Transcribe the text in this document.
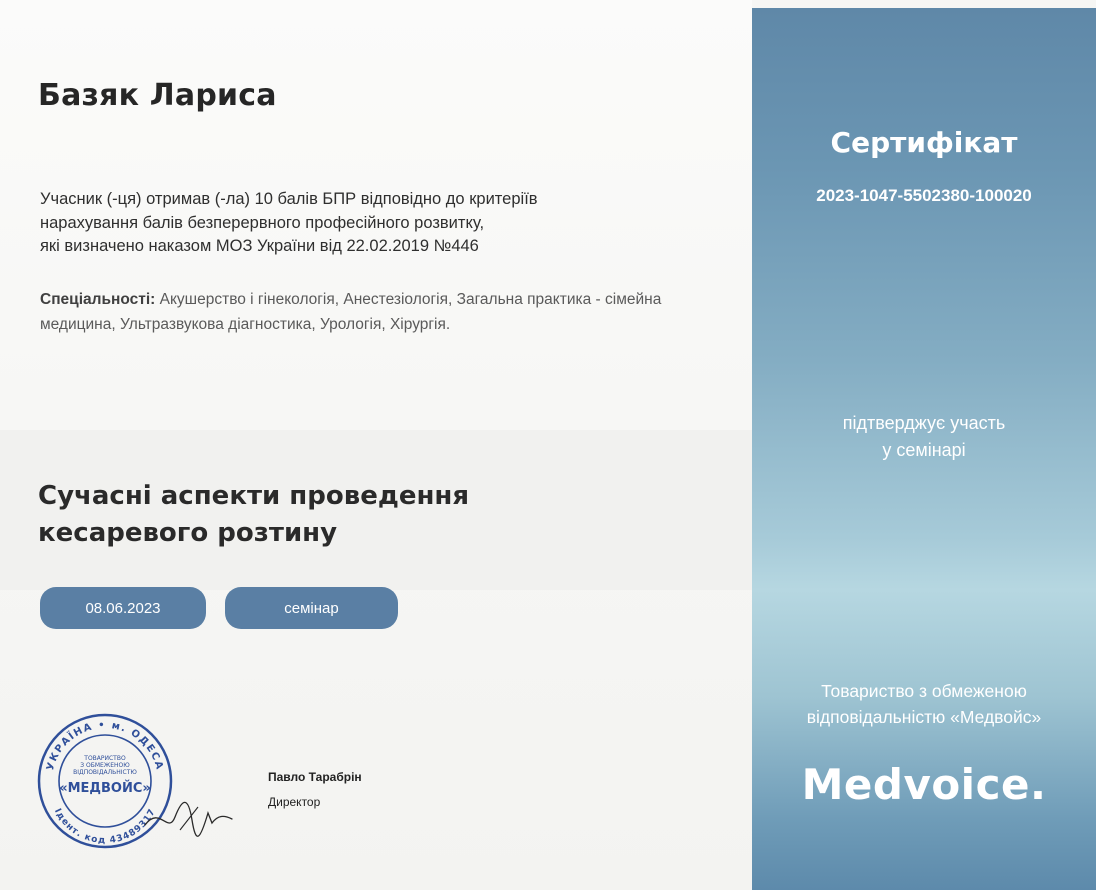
Базяк Лариса
Учасник (-ця) отримав (-ла) 10 балів БПР відповідно до критеріїв
нарахування балів безперервного професійного розвитку,
які визначено наказом МОЗ України від 22.02.2019 №446
Спеціальності: Акушерство і гінекологія, Анестезіологія, Загальна практика - сімейна медицина, Ультразвукова діагностика, Урологія, Хірургія.
Сучасні аспекти проведення
кесаревого розтину
08.06.2023	семінар
УКРАЇНА • м. ОДЕСА
Ідент. код 43489317
ТОВАРИСТВО
З ОБМЕЖЕНОЮ
ВІДПОВІДАЛЬНІСТЮ
«МЕДВОЙС»
Павло Тарабрін
Директор
Сертифікат
2023-1047-5502380-100020
підтверджує участь
у семінарі
Товариство з обмеженою
відповідальністю «Медвойс»
Medvoice.
